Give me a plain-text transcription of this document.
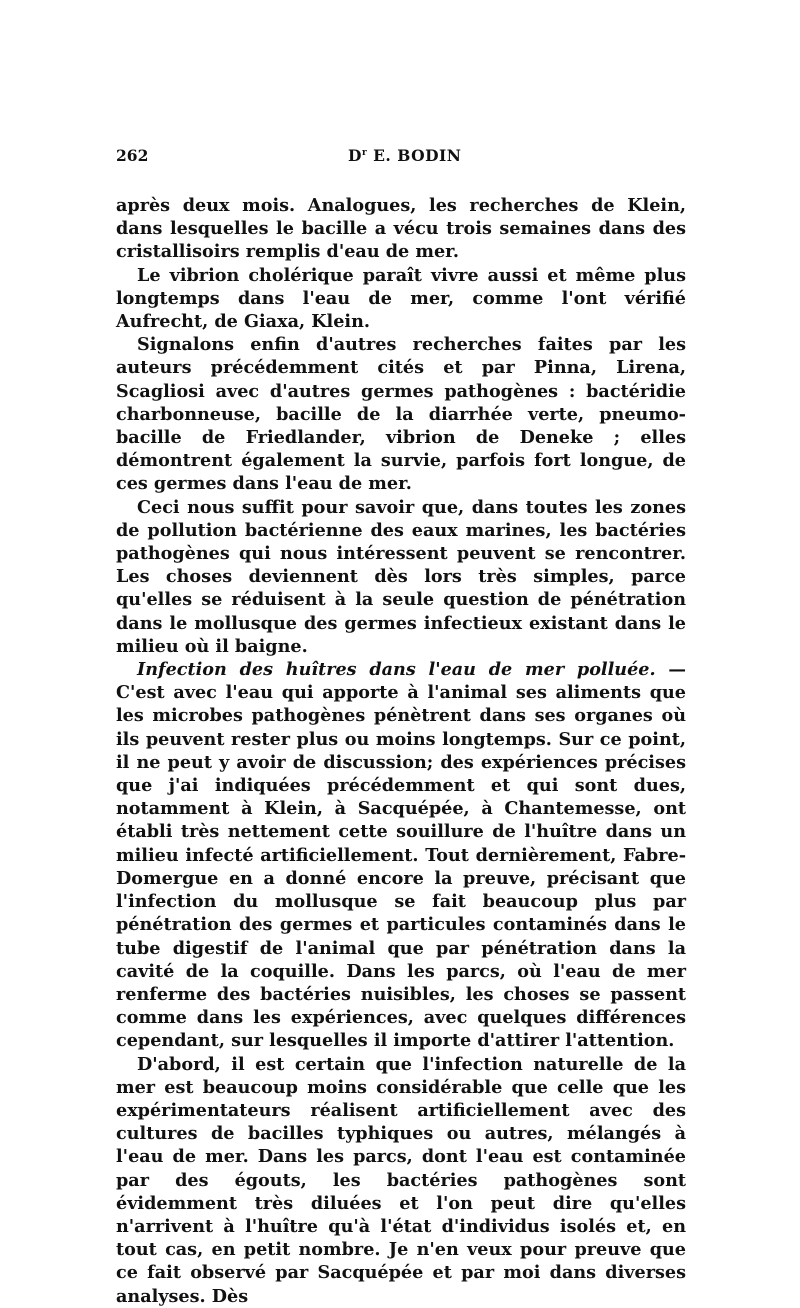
262	$D^r$ E. BODIN

après deux mois. Analogues, les recherches de Klein, dans lesquelles le bacille a vécu trois semaines dans des cristallisoirs remplis d'eau de mer.

Le vibrion cholérique paraît vivre aussi et même plus longtemps dans l'eau de mer, comme l'ont vérifié Aufrecht, de Giaxa, Klein.

Signalons enfin d'autres recherches faites par les auteurs précédemment cités et par Pinna, Lirena, Scagliosi avec d'autres germes pathogènes : bactéridie charbonneuse, bacille de la diarrhée verte, pneumo-bacille de Friedlander, vibrion de Deneke ; elles démontrent également la survie, parfois fort longue, de ces germes dans l'eau de mer.

Ceci nous suffit pour savoir que, dans toutes les zones de pollution bactérienne des eaux marines, les bactéries pathogènes qui nous intéressent peuvent se rencontrer. Les choses deviennent dès lors très simples, parce qu'elles se réduisent à la seule question de pénétration dans le mollusque des germes infectieux existant dans le milieu où il baigne.

Infection des huîtres dans l'eau de mer polluée. — C'est avec l'eau qui apporte à l'animal ses aliments que les microbes pathogènes pénètrent dans ses organes où ils peuvent rester plus ou moins longtemps. Sur ce point, il ne peut y avoir de discussion; des expériences précises que j'ai indiquées précédemment et qui sont dues, notamment à Klein, à Sacquépée, à Chantemesse, ont établi très nettement cette souillure de l'huître dans un milieu infecté artificiellement. Tout dernièrement, Fabre-Domergue en a donné encore la preuve, précisant que l'infection du mollusque se fait beaucoup plus par pénétration des germes et particules contaminés dans le tube digestif de l'animal que par pénétration dans la cavité de la coquille. Dans les parcs, où l'eau de mer renferme des bactéries nuisibles, les choses se passent comme dans les expériences, avec quelques différences cependant, sur lesquelles il importe d'attirer l'attention.

D'abord, il est certain que l'infection naturelle de la mer est beaucoup moins considérable que celle que les expérimentateurs réalisent artificiellement avec des cultures de bacilles typhiques ou autres, mélangés à l'eau de mer. Dans les parcs, dont l'eau est contaminée par des égouts, les bactéries pathogènes sont évidemment très diluées et l'on peut dire qu'elles n'arrivent à l'huître qu'à l'état d'individus isolés et, en tout cas, en petit nombre. Je n'en veux pour preuve que ce fait observé par Sacquépée et par moi dans diverses analyses. Dès
